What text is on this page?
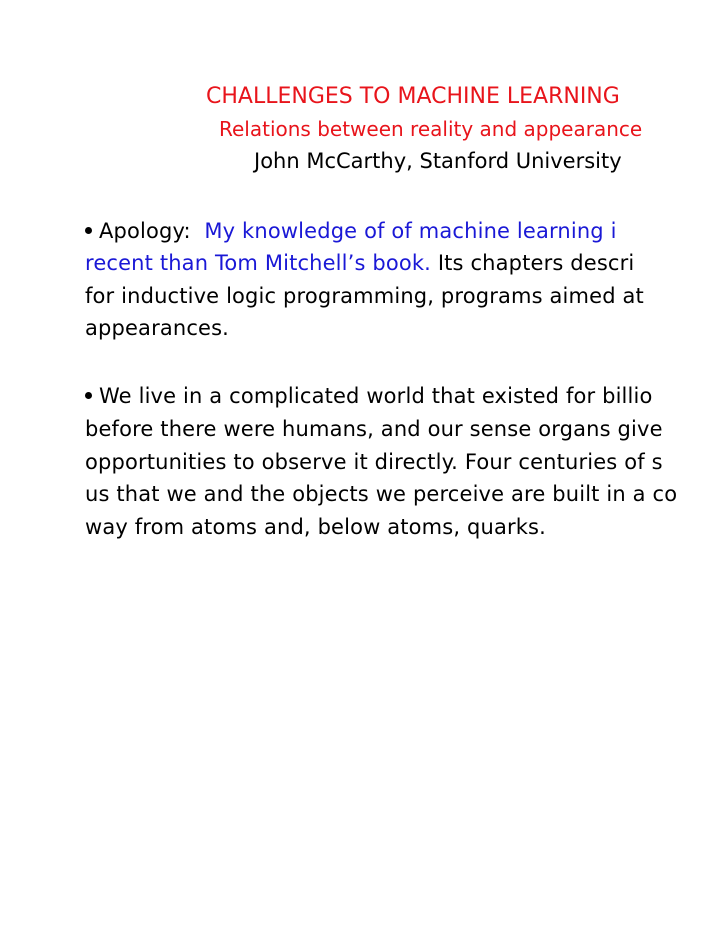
CHALLENGES TO MACHINE LEARNING
Relations between reality and appearance
John McCarthy, Stanford University
Apology:  My knowledge of of machine learning i
recent than Tom Mitchell’s book. Its chapters descri
for inductive logic programming, programs aimed at
appearances.
We live in a complicated world that existed for billio
before there were humans, and our sense organs give
opportunities to observe it directly. Four centuries of s
us that we and the objects we perceive are built in a co
way from atoms and, below atoms, quarks.
